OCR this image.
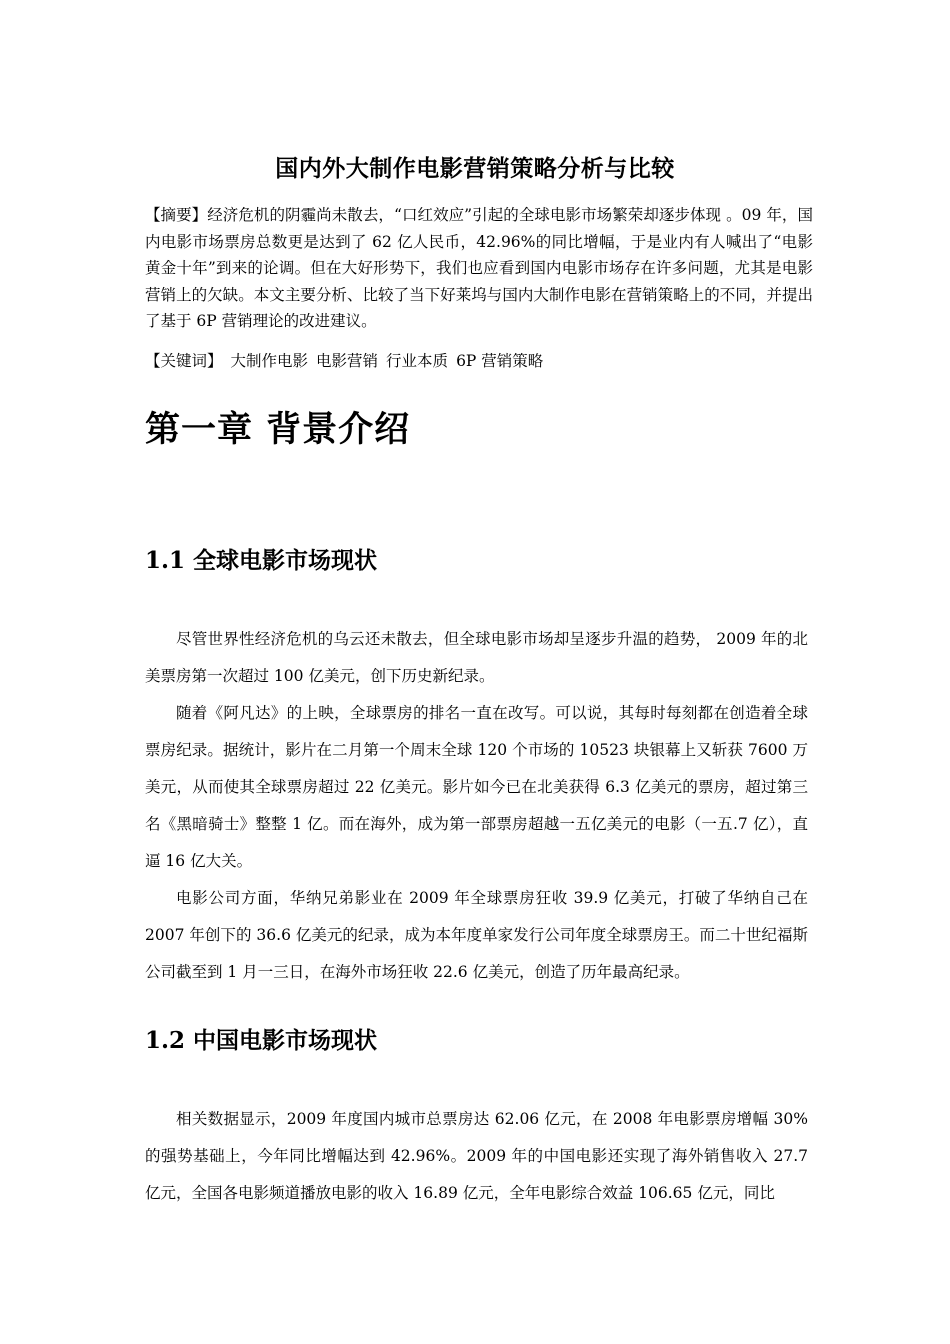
国内外大制作电影营销策略分析与比较

【摘要】经济危机的阴霾尚未散去，“口红效应”引起的全球电影市场繁荣却逐步体现 。09 年，国内电影市场票房总数更是达到了 62 亿人民币，42.96%的同比增幅，于是业内有人喊出了“电影黄金十年”到来的论调。但在大好形势下，我们也应看到国内电影市场存在许多问题，尤其是电影营销上的欠缺。本文主要分析、比较了当下好莱坞与国内大制作电影在营销策略上的不同，并提出了基于 6P 营销理论的改进建议。

【关键词】 大制作电影 电影营销 行业本质 6P 营销策略

第一章 背景介绍
1.1 全球电影市场现状

尽管世界性经济危机的乌云还未散去，但全球电影市场却呈逐步升温的趋势， 2009 年的北美票房第一次超过 100 亿美元，创下历史新纪录。

随着《阿凡达》的上映，全球票房的排名一直在改写。可以说，其每时每刻都在创造着全球票房纪录。据统计，影片在二月第一个周末全球 120 个市场的 10523 块银幕上又斩获 7600 万美元，从而使其全球票房超过 22 亿美元。影片如今已在北美获得 6.3 亿美元的票房，超过第三名《黑暗骑士》整整 1 亿。而在海外，成为第一部票房超越一五亿美元的电影（一五.7 亿），直逼 16 亿大关。

电影公司方面，华纳兄弟影业在 2009 年全球票房狂收 39.9 亿美元，打破了华纳自己在 2007 年创下的 36.6 亿美元的纪录，成为本年度单家发行公司年度全球票房王。而二十世纪福斯公司截至到 1 月一三日，在海外市场狂收 22.6 亿美元，创造了历年最高纪录。

1.2 中国电影市场现状

相关数据显示，2009 年度国内城市总票房达 62.06 亿元，在 2008 年电影票房增幅 30% 的强势基础上，今年同比增幅达到 42.96%。2009 年的中国电影还实现了海外销售收入 27.7 亿元，全国各电影频道播放电影的收入 16.89 亿元，全年电影综合效益 106.65 亿元，同比
